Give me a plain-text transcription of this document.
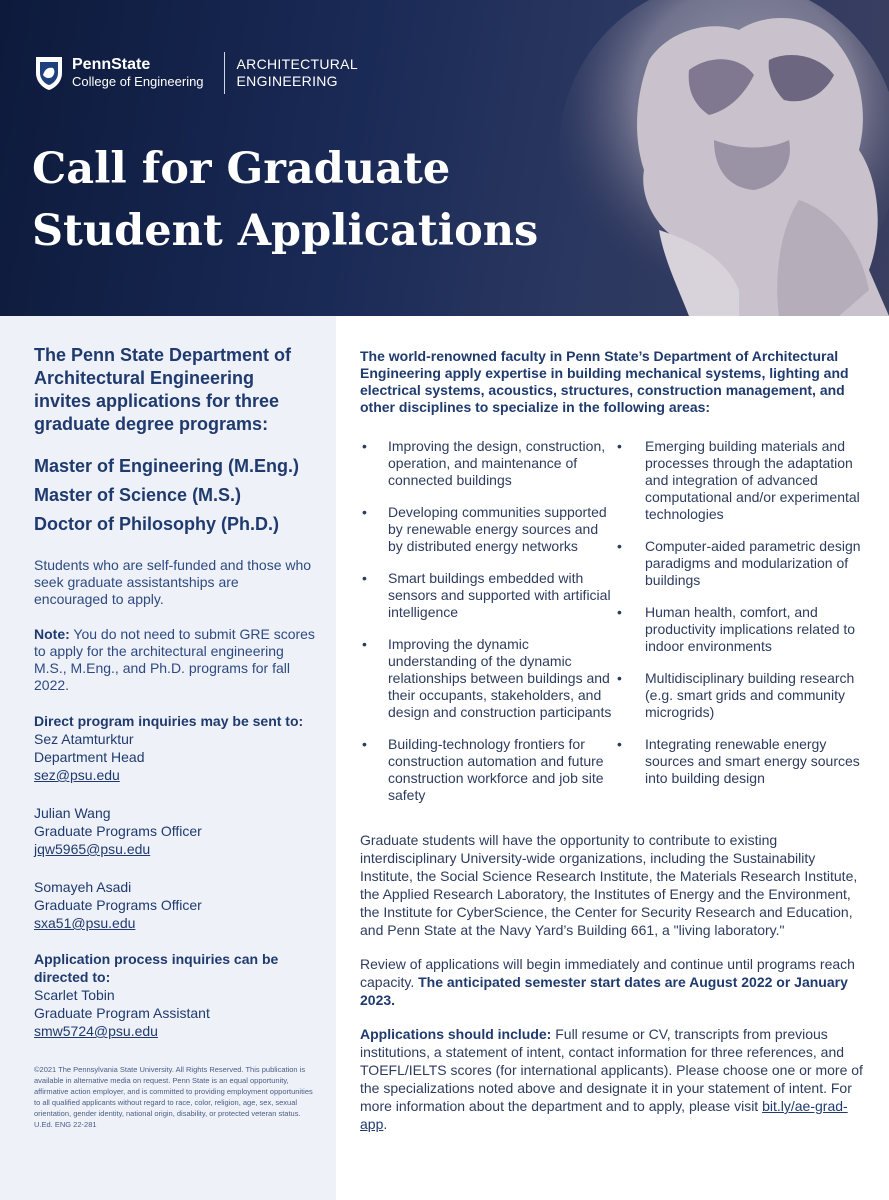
PennState
College of Engineering
ARCHITECTURAL
ENGINEERING
Call for Graduate
Student Applications

The Penn State Department of Architectural Engineering invites applications for three graduate degree programs:

Master of Engineering (M.Eng.)
Master of Science (M.S.)
Doctor of Philosophy (Ph.D.)

Students who are self-funded and those who seek graduate assistantships are encouraged to apply.

Note: You do not need to submit GRE scores to apply for the architectural engineering M.S., M.Eng., and Ph.D. programs for fall 2022.

Direct program inquiries may be sent to:
Sez Atamturktur
Department Head
sez@psu.edu
Julian Wang
Graduate Programs Officer
jqw5965@psu.edu
Somayeh Asadi
Graduate Programs Officer
sxa51@psu.edu
Application process inquiries can be directed to:
Scarlet Tobin
Graduate Program Assistant
smw5724@psu.edu
©2021 The Pennsylvania State University. All Rights Reserved. This publication is available in alternative media on request. Penn State is an equal opportunity, affirmative action employer, and is committed to providing employment opportunities to all qualified applicants without regard to race, color, religion, age, sex, sexual orientation, gender identity, national origin, disability, or protected veteran status. U.Ed. ENG 22-281

The world-renowned faculty in Penn State’s Department of Architectural Engineering apply expertise in building mechanical systems, lighting and electrical systems, acoustics, structures, construction management, and other disciplines to specialize in the following areas:

• Improving the design, construction, operation, and maintenance of connected buildings
• Developing communities supported by renewable energy sources and by distributed energy networks
• Smart buildings embedded with sensors and supported with artificial intelligence
• Improving the dynamic understanding of the dynamic relationships between buildings and their occupants, stakeholders, and design and construction participants
• Building-technology frontiers for construction automation and future construction workforce and job site safety
• Emerging building materials and processes through the adaptation and integration of advanced computational and/or experimental technologies
• Computer-aided parametric design paradigms and modularization of buildings
• Human health, comfort, and productivity implications related to indoor environments
• Multidisciplinary building research (e.g. smart grids and community microgrids)
• Integrating renewable energy sources and smart energy sources into building design

Graduate students will have the opportunity to contribute to existing interdisciplinary University-wide organizations, including the Sustainability Institute, the Social Science Research Institute, the Materials Research Institute, the Applied Research Laboratory, the Institutes of Energy and the Environment, the Institute for CyberScience, the Center for Security Research and Education, and Penn State at the Navy Yard’s Building 661, a "living laboratory."

Review of applications will begin immediately and continue until programs reach capacity. The anticipated semester start dates are August 2022 or January 2023.

Applications should include: Full resume or CV, transcripts from previous institutions, a statement of intent, contact information for three references, and TOEFL/IELTS scores (for international applicants). Please choose one or more of the specializations noted above and designate it in your statement of intent. For more information about the department and to apply, please visit bit.ly/ae-grad-app.
